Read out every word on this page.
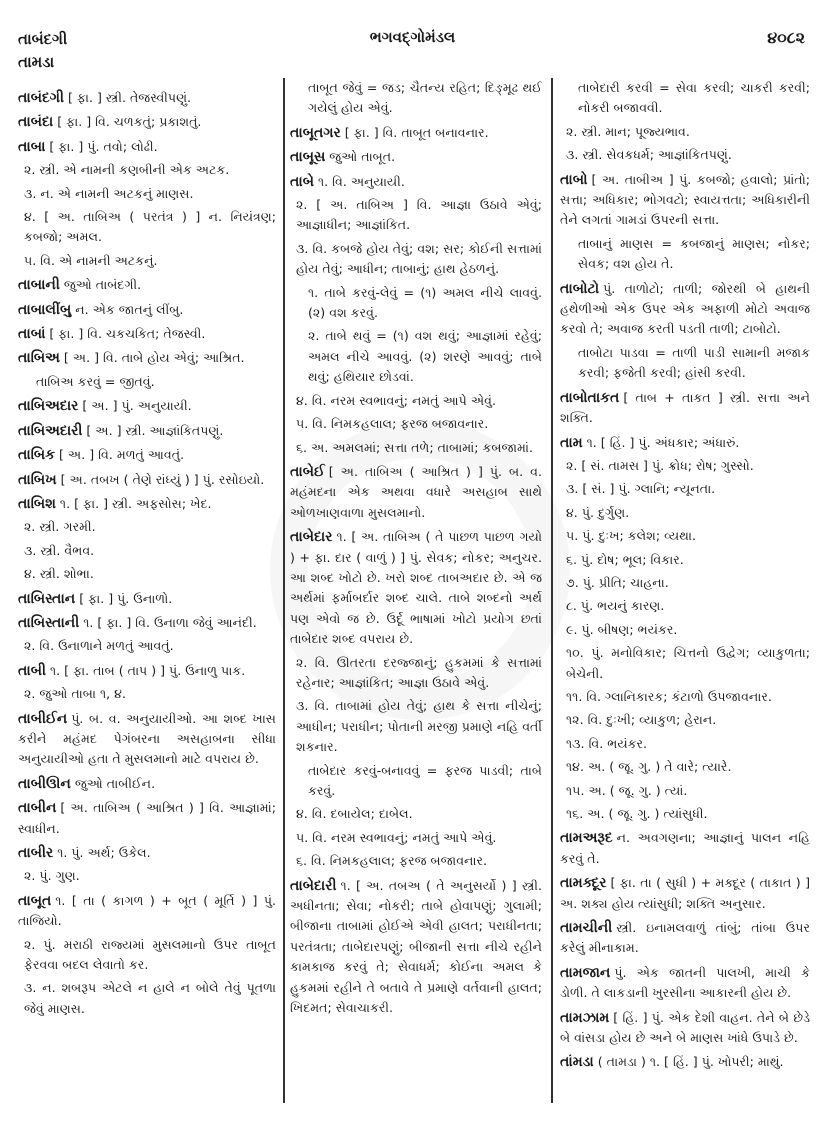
તાબંદગી
તામડા
ભગવદ્ગોમંડલ	૪૦૮૨

તાબંદગી [ ફા. ] સ્ત્રી. તેજસ્વીપણું.

તાબંદા [ ફા. ] વિ. ચળકતું; પ્રકાશતું.

તાબા [ ફા. ] પું. તવો; લોઢી.

૨. સ્ત્રી. એ નામની કણબીની એક અટક.

૩. ન. એ નામની અટકનું માણસ.

૪. [ અ. તાબિઅ ( પરતંત્ર ) ] ન. નિયંત્રણ; કબજો; અમલ.

૫. વિ. એ નામની અટકનું.

તાબાની જુઓ તાબંદગી.

તાબાલીંબુ ન. એક જાતનું લીંબુ.

તાબાં [ ફા. ] વિ. ચકચકિત; તેજસ્વી.

તાબિઅ [ અ. ] વિ. તાબે હોય એવું; આશ્રિત.

તાબિઅ કરવું = જીતવું.

તાબિઅદાર [ અ. ] પું. અનુયાયી.

તાબિઅદારી [ અ. ] સ્ત્રી. આજ્ઞાંકિતપણું.

તાબિક [ અ. ] વિ. મળતું આવતું.

તાબિખ [ અ. તબખ ( તેણે રાંધ્યું ) ] પું. રસોઇયો.

તાબિશ ૧. [ ફા. ] સ્ત્રી. અફસોસ; ખેદ.

૨. સ્ત્રી. ગરમી.

૩. સ્ત્રી. વૈભવ.

૪. સ્ત્રી. શોભા.

તાબિસ્તાન [ ફા. ] પું. ઉનાળો.

તાબિસ્તાની ૧. [ ફા. ] વિ. ઉનાળા જેવું આનંદી.

૨. વિ. ઉનાળાને મળતું આવતું.

તાબી ૧. [ ફા. તાબ ( તાપ ) ] પું. ઉનાળુ પાક.

૨. જુઓ તાબા ૧, ૪.

તાબીઈન પું. બ. વ. અનુયાયીઓ. આ શબ્દ ખાસ કરીને મહંમદ પેગંબરના અસહાબના સીધા અનુયાયીઓ હતા તે મુસલમાનો માટે વપરાય છે.

તાબીઊન જુઓ તાબીઈન.

તાબીન [ અ. તાબિઅ ( આશ્રિત ) ] વિ. આજ્ઞામાં; સ્વાધીન.

તાબીર ૧. પું. અર્થ; ઉકેલ.

૨. પું. ગુણ.

તાબૂત ૧. [ તા ( કાગળ ) + બૂત ( મૂર્તિ ) ] પું. તાજિયો.

૨. પું. મરાઠી રાજ્યમાં મુસલમાનો ઉપર તાબૂત ફેરવવા બદલ લેવાતો કર.

૩. ન. શબરૂપ એટલે ન હાલે ન બોલે તેવું પૂતળા જેવું માણસ.

તાબૂત જેવું = જડ; ચૈતન્ય રહિત; દિઙ્મૂઢ થઈ ગયેલું હોય એવું.

તાબૂતગર [ ફા. ] વિ. તાબૂત બનાવનાર.

તાબૂસ જુઓ તાબૂત.

તાબે ૧. વિ. અનુયાયી.

૨. [ અ. તાબિઅ ] વિ. આજ્ઞા ઉઠાવે એવું; આજ્ઞાધીન; આજ્ઞાંકિત.

૩. વિ. કબજે હોય તેવું; વશ; સર; કોઈની સત્તામાં હોય તેવું; આધીન; તાબાનું; હાથ હેઠળનું.

૧. તાબે કરવું-લેવું = (૧) અમલ નીચે લાવવું. (૨) વશ કરવું.

૨. તાબે થવું = (૧) વશ થવું; આજ્ઞામાં રહેવું; અમલ નીચે આવવું. (૨) શરણે આવવું; તાબે થવું; હથિયાર છોડવાં.

૪. વિ. નરમ સ્વભાવનું; નમતું આપે એવું.

૫. વિ. નિમકહલાલ; ફરજ બજાવનાર.

૬. અ. અમલમાં; સત્તા તળે; તાબામાં; કબજામાં.

તાબેઈ [ અ. તાબિઅ ( આશ્રિત ) ] પું. બ. વ. મહંમદના એક અથવા વધારે અસહાબ સાથે ઓળખાણવાળા મુસલમાનો.

તાબેદાર ૧. [ અ. તાબિઅ ( તે પાછળ પાછળ ગયો ) + ફા. દાર ( વાળું ) ] પું. સેવક; નોકર; અનુચર. આ શબ્દ ખોટો છે. ખરો શબ્દ તાબઅદાર છે. એ જ અર્થમાં ફર્માબર્દાર શબ્દ ચાલે. તાબે શબ્દનો અર્થ પણ એવો જ છે. ઉર્દૂ ભાષામાં ખોટો પ્રયોગ છતાં તાબેદાર શબ્દ વપરાય છે.

૨. વિ. ઊતરતા દરજ્જાનું; હુકમમાં કે સત્તામાં રહેનાર; આજ્ઞાંકિત; આજ્ઞા ઉઠાવે એવું.

૩. વિ. તાબામાં હોય તેવું; હાથ કે સત્તા નીચેનું; આધીન; પરાધીન; પોતાની મરજી પ્રમાણે નહિ વર્તી શકનાર.

તાબેદાર કરવું-બનાવવું = ફરજ પાડવી; તાબે કરવું.

૪. વિ. દબાયેલ; દાબેલ.

૫. વિ. નરમ સ્વભાવનું; નમતું આપે એવું.

૬. વિ. નિમકહલાલ; ફરજ બજાવનાર.

તાબેદારી ૧. [ અ. તબઅ ( તે અનુસર્યો ) ] સ્ત્રી. અધીનતા; સેવા; નોકરી; તાબે હોવાપણું; ગુલામી; બીજાના તાબામાં હોઈએ એવી હાલત; પરાધીનતા; પરતંત્રતા; તાબેદારપણું; બીજાની સત્તા નીચે રહીને કામકાજ કરવું તે; સેવાધર્મ; કોઈના અમલ કે હુકમમાં રહીને તે બતાવે તે પ્રમાણે વર્તવાની હાલત; ખિદમત; સેવાચાકરી.

તાબેદારી કરવી = સેવા કરવી; ચાકરી કરવી; નોકરી બજાવવી.

૨. સ્ત્રી. માન; પૂજ્યભાવ.

૩. સ્ત્રી. સેવકધર્મ; આજ્ઞાંકિતપણું.

તાબો [ અ. તાબીઅ ] પું. કબજો; હવાલો; પ્રાંતો; સત્તા; અધિકાર; ભોગવટો; સ્વાયત્તતા; અધિકારીની તેને લગતાં ગામડાં ઉપરની સત્તા.

તાબાનું માણસ = કબજાનું માણસ; નોકર; સેવક; વશ હોય તે.

તાબોટો પું. તાળોટો; તાળી; જોરથી બે હાથની હથેળીઓ એક ઉપર એક અફાળી મોટો અવાજ કરવો તે; અવાજ કરતી પડતી તાળી; ટાબોટો.

તાબોટા પાડવા = તાળી પાડી સામાની મજાક કરવી; ફજેતી કરવી; હાંસી કરવી.

તાબોતાકત [ તાબ + તાકત ] સ્ત્રી. સત્તા અને શક્તિ.

તામ ૧. [ હિં. ] પું. અંધકાર; અંધારું.

૨. [ સં. તામસ ] પું. ક્રોધ; રોષ; ગુસ્સો.

૩. [ સં. ] પું. ગ્લાનિ; ન્યૂનતા.

૪. પું. દુર્ગુણ.

૫. પું. દુઃખ; કલેશ; વ્યથા.

૬. પું. દોષ; ભૂલ; વિકાર.

૭. પું. પ્રીતિ; ચાહના.

૮. પું. ભયનું કારણ.

૯. પું. બીષણ; ભયંકર.

૧૦. પું. મનોવિકાર; ચિત્તનો ઉદ્વેગ; વ્યાકુળતા; બેચેની.

૧૧. વિ. ગ્લાનિકારક; કંટાળો ઉપજાવનાર.

૧૨. વિ. દુઃખી; વ્યાકુળ; હેરાન.

૧૩. વિ. ભયંકર.

૧૪. અ. ( જૂ. ગુ. ) તે વારે; ત્યારે.

૧૫. અ. ( જૂ. ગુ. ) ત્યાં.

૧૬. અ. ( જૂ. ગુ. ) ત્યાંસુધી.

તામઅરૂદ ન. અવગણના; આજ્ઞાનું પાલન નહિ કરવું તે.

તામક્દૂર [ ફા. તા ( સુધી ) + મક્દૂર ( તાકાત ) ] અ. શક્ય હોય ત્યાંસુધી; શક્તિ અનુસાર.

તામચીની સ્ત્રી. ઇનામલવાળું તાંબું; તાંબા ઉપર કરેલું મીનાકામ.

તામજાન પું. એક જાતની પાલખી, માચી કે ડોળી. તે લાકડાની ખુરસીના આકારની હોય છે.

તામઝામ [ હિં. ] પું. એક દેશી વાહન. તેને બે છેડે બે વાંસડા હોય છે અને બે માણસ ખાંધે ઉપાડે છે.

તાંમડા ( તામડા ) ૧. [ હિં. ] પું. ખોપરી; માથું.
